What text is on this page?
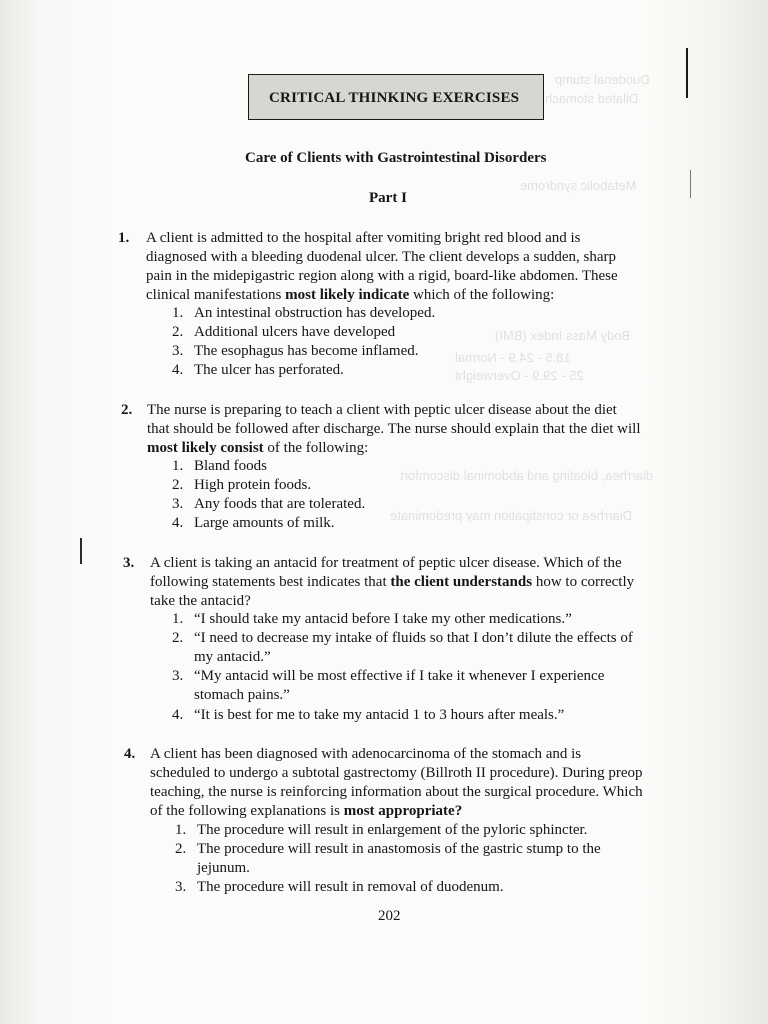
Duodenal stump
Dilated stomach
Metabolic syndrome
Body Mass Index (BMI)
18.5 - 24.9 - Normal
25 - 29.9 - Overweight
diarrhea, bloating and abdominal discomfort
Diarrhea or constipation may predominate
CRITICAL THINKING EXERCISES
Care of Clients with Gastrointestinal Disorders
Part I
1. A client is admitted to the hospital after vomiting bright red blood and is
diagnosed with a bleeding duodenal ulcer. The client develops a sudden, sharp
pain in the midepigastric region along with a rigid, board-like abdomen. These
clinical manifestations most likely indicate which of the following:
1. An intestinal obstruction has developed.
2. Additional ulcers have developed
3. The esophagus has become inflamed.
4. The ulcer has perforated.
2. The nurse is preparing to teach a client with peptic ulcer disease about the diet
that should be followed after discharge. The nurse should explain that the diet will
most likely consist of the following:
1. Bland foods
2. High protein foods.
3. Any foods that are tolerated.
4. Large amounts of milk.
3. A client is taking an antacid for treatment of peptic ulcer disease. Which of the
following statements best indicates that the client understands how to correctly
take the antacid?
1. “I should take my antacid before I take my other medications.”
2. “I need to decrease my intake of fluids so that I don’t dilute the effects of
my antacid.”
3. “My antacid will be most effective if I take it whenever I experience
stomach pains.”
4. “It is best for me to take my antacid 1 to 3 hours after meals.”
4. A client has been diagnosed with adenocarcinoma of the stomach and is
scheduled to undergo a subtotal gastrectomy (Billroth II procedure). During preop
teaching, the nurse is reinforcing information about the surgical procedure. Which
of the following explanations is most appropriate?
1. The procedure will result in enlargement of the pyloric sphincter.
2. The procedure will result in anastomosis of the gastric stump to the
jejunum.
3. The procedure will result in removal of duodenum.
202
